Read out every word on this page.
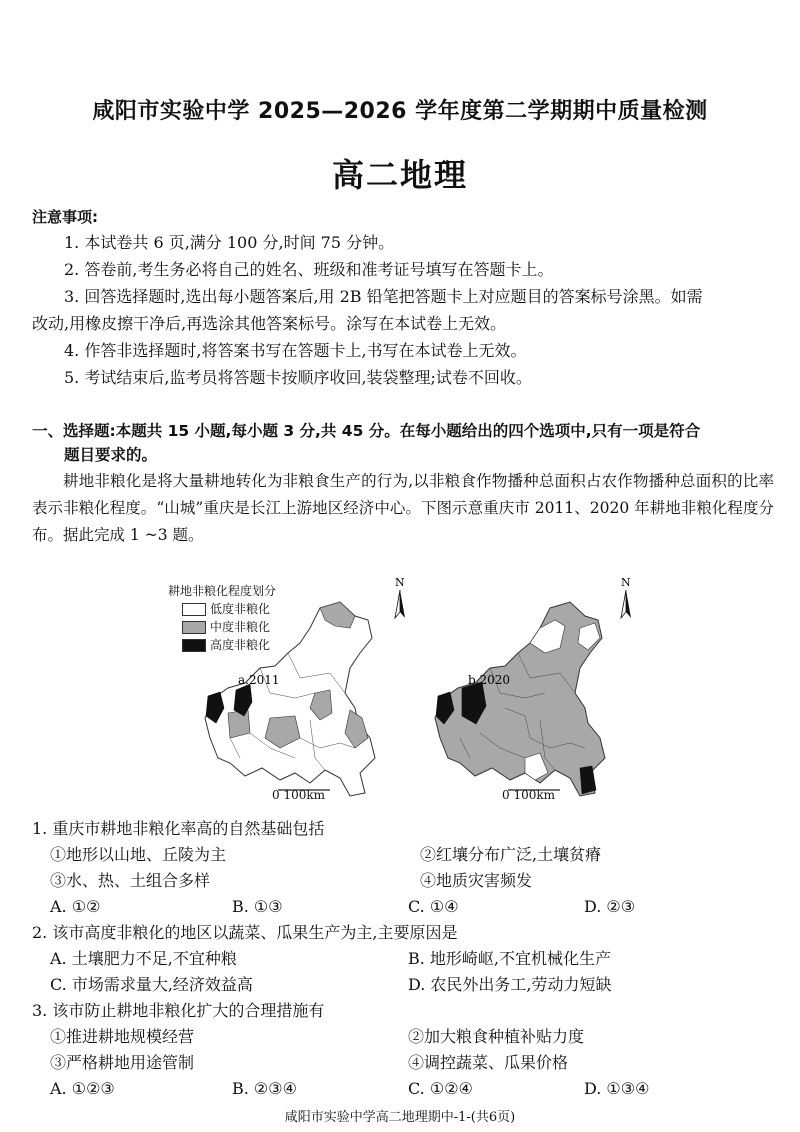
咸阳市实验中学 2025—2026 学年度第二学期期中质量检测
高二地理
注意事项:
1. 本试卷共 6 页,满分 100 分,时间 75 分钟。
2. 答卷前,考生务必将自己的姓名、班级和准考证号填写在答题卡上。
3. 回答选择题时,选出每小题答案后,用 2B 铅笔把答题卡上对应题目的答案标号涂黑。如需
改动,用橡皮擦干净后,再选涂其他答案标号。涂写在本试卷上无效。
4. 作答非选择题时,将答案书写在答题卡上,书写在本试卷上无效。
5. 考试结束后,监考员将答题卡按顺序收回,装袋整理;试卷不回收。
一、选择题:本题共 15 小题,每小题 3 分,共 45 分。在每小题给出的四个选项中,只有一项是符合
题目要求的。
耕地非粮化是将大量耕地转化为非粮食生产的行为,以非粮食作物播种总面积占农作物播种总面积的比率表示非粮化程度。“山城”重庆是长江上游地区经济中心。下图示意重庆市 2011、2020 年耕地非粮化程度分布。据此完成 1 ~3 题。
耕地非粮化程度划分
低度非粮化
中度非粮化
高度非粮化
a.2011
0 100km
N
b.2020
0 100km
N
1. 重庆市耕地非粮化率高的自然基础包括
①地形以山地、丘陵为主	②红壤分布广泛,土壤贫瘠
③水、热、土组合多样	④地质灾害频发
A. ①②	B. ①③	C. ①④	D. ②③
2. 该市高度非粮化的地区以蔬菜、瓜果生产为主,主要原因是
A. 土壤肥力不足,不宜种粮	B. 地形崎岖,不宜机械化生产
C. 市场需求量大,经济效益高	D. 农民外出务工,劳动力短缺
3. 该市防止耕地非粮化扩大的合理措施有
①推进耕地规模经营	②加大粮食种植补贴力度
③严格耕地用途管制	④调控蔬菜、瓜果价格
A. ①②③	B. ②③④	C. ①②④	D. ①③④
咸阳市实验中学高二地理期中-1-(共6页)
